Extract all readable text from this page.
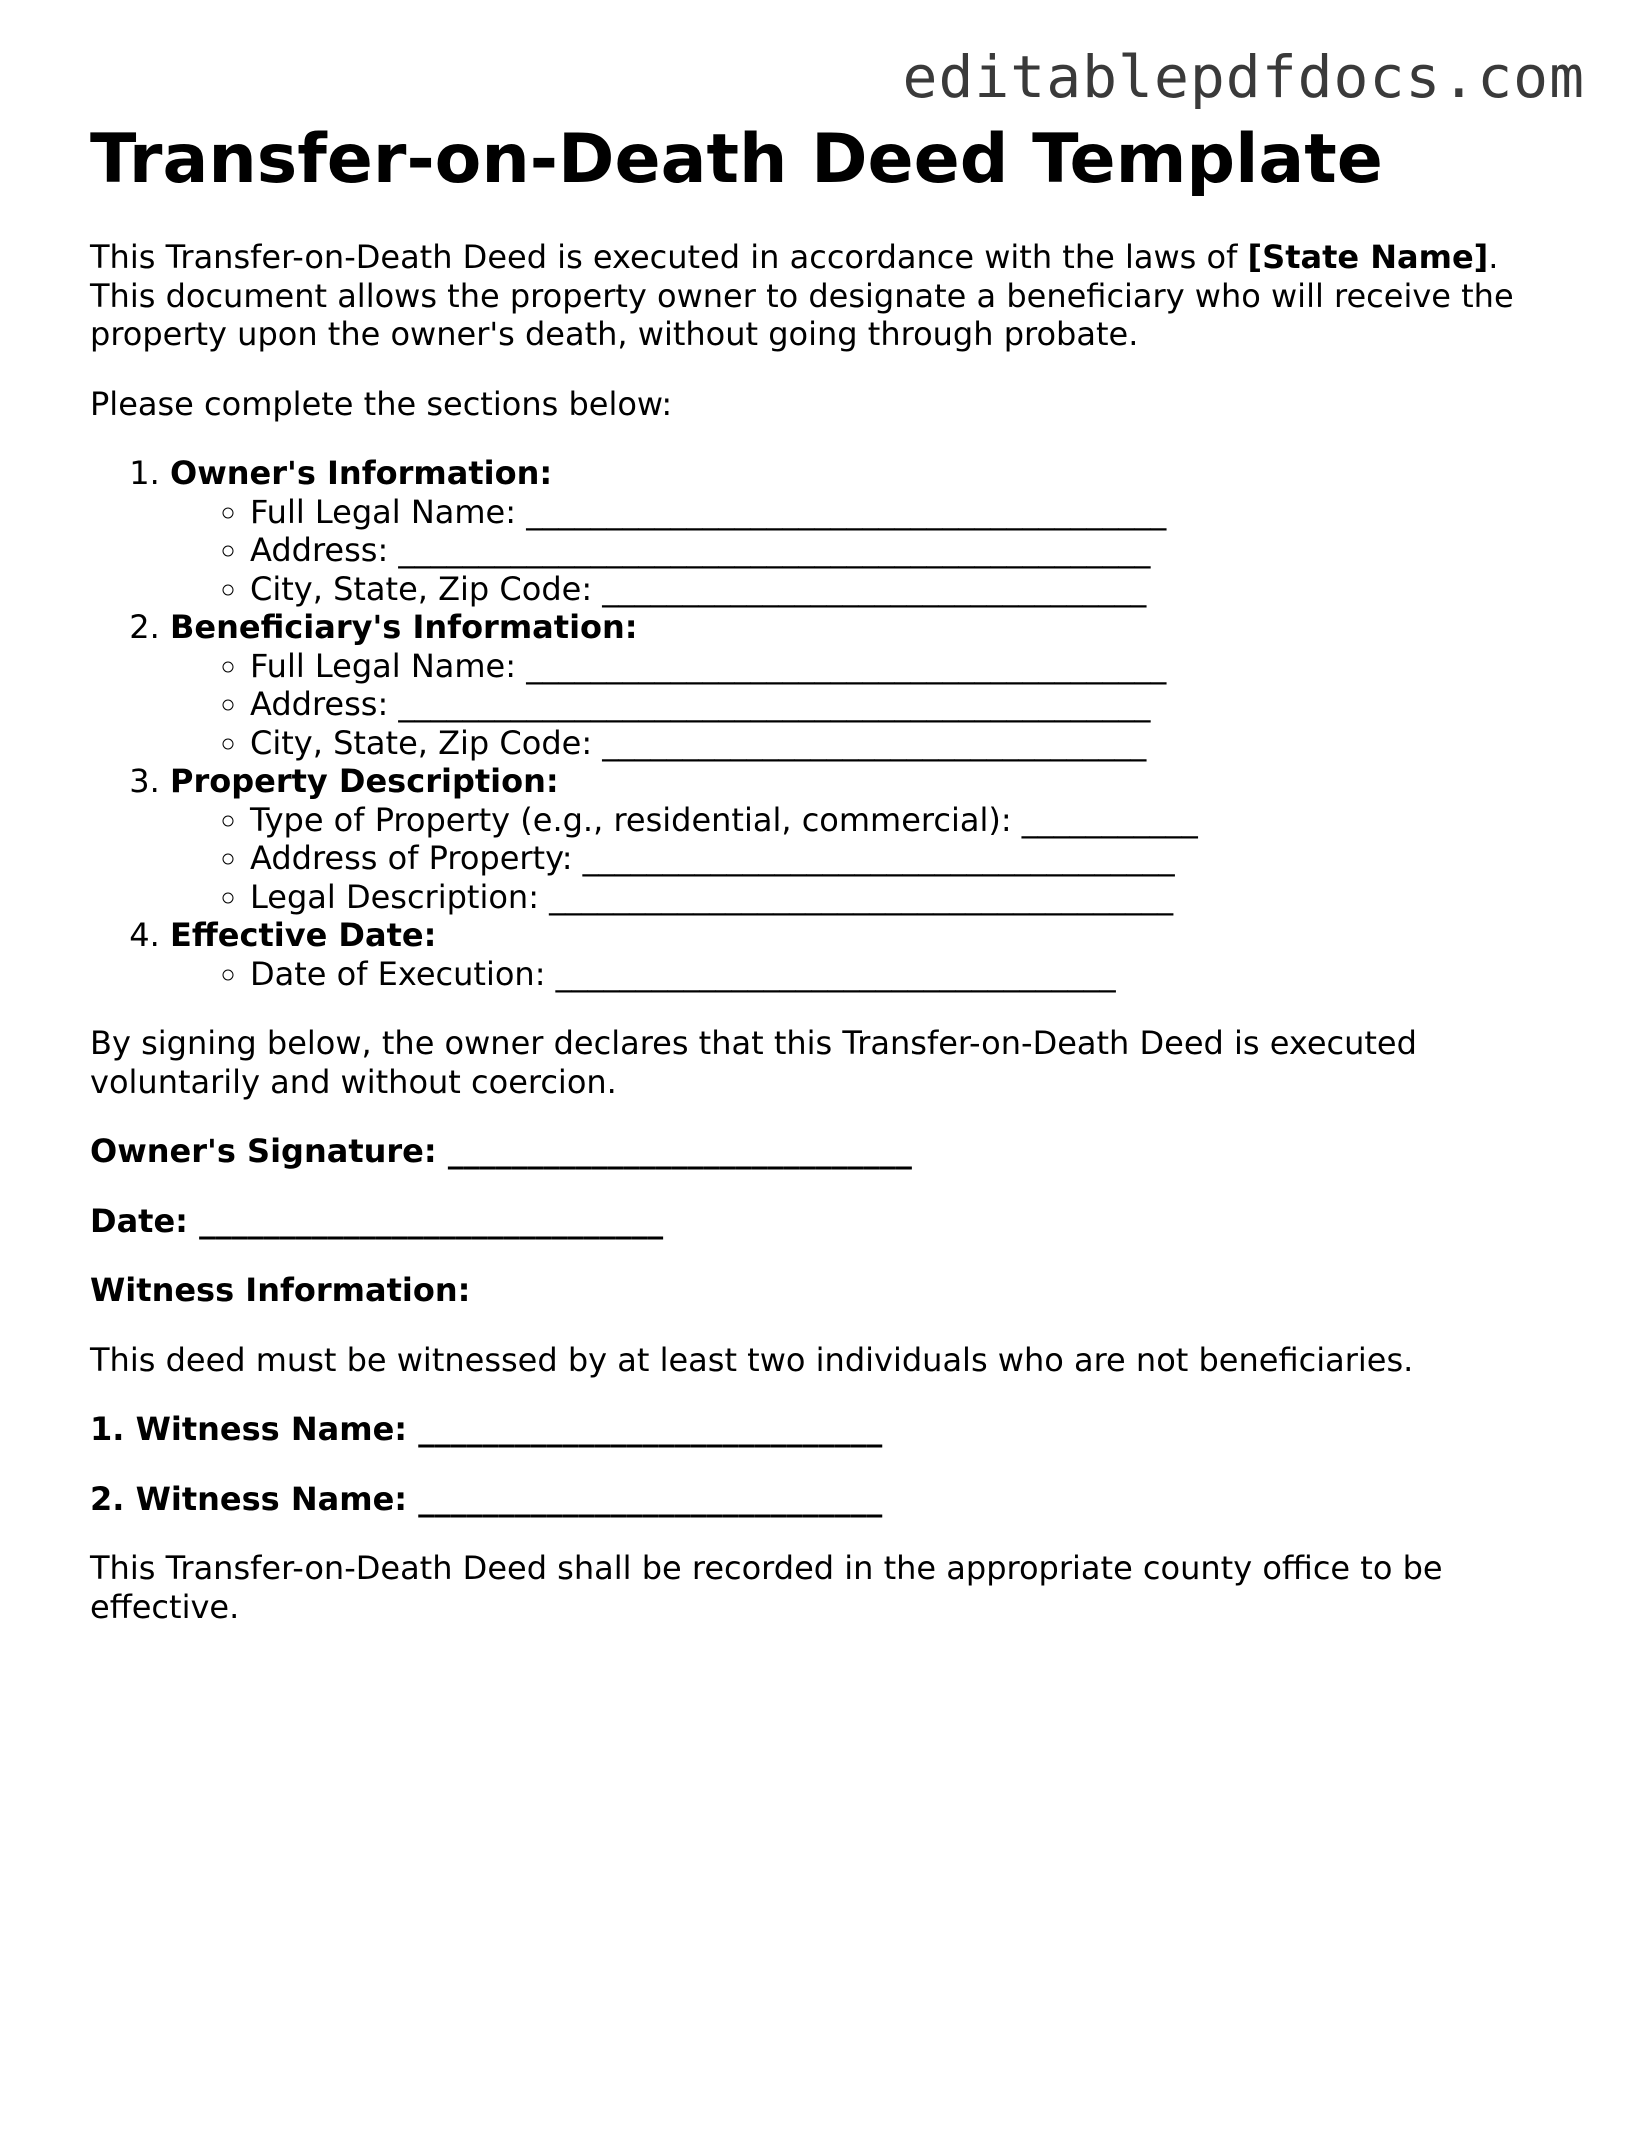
editablepdfdocs.com
Transfer-on-Death Deed Template

This Transfer-on-Death Deed is executed in accordance with the laws of [State Name]. This document allows the property owner to designate a beneficiary who will receive the property upon the owner's death, without going through probate.

Please complete the sections below:

1. Owner's Information:
◦ Full Legal Name: ________________________________________
◦ Address: _______________________________________________
◦ City, State, Zip Code: __________________________________
2. Beneficiary's Information:
◦ Full Legal Name: ________________________________________
◦ Address: _______________________________________________
◦ City, State, Zip Code: __________________________________
3. Property Description:
◦ Type of Property (e.g., residential, commercial): ___________
◦ Address of Property: _____________________________________
◦ Legal Description: _______________________________________
4. Effective Date:
◦ Date of Execution: ___________________________________

By signing below, the owner declares that this Transfer-on-Death Deed is executed voluntarily and without coercion.

Owner's Signature: _____________________________

Date: _____________________________

Witness Information:

This deed must be witnessed by at least two individuals who are not beneficiaries.

1. Witness Name: _____________________________

2. Witness Name: _____________________________

This Transfer-on-Death Deed shall be recorded in the appropriate county office to be effective.
